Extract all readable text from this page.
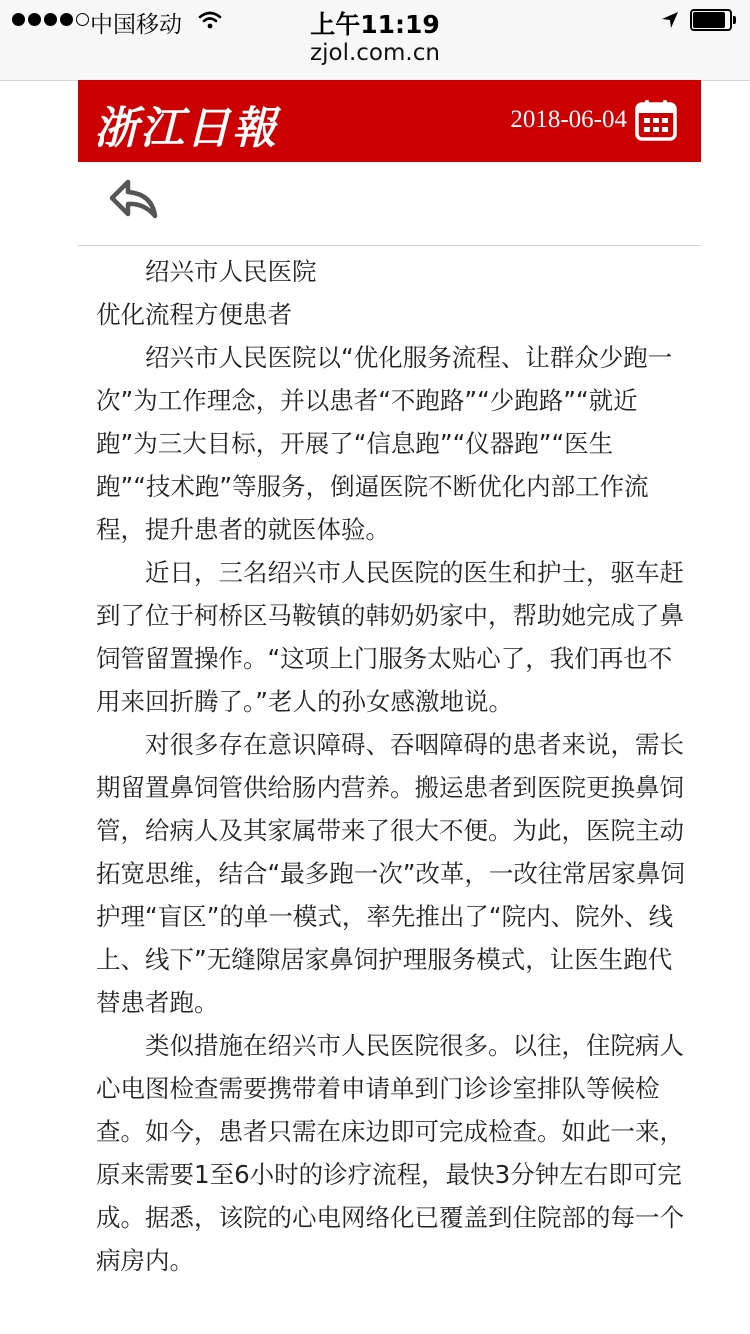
中国移动	上午11:19
zjol.com.cn
浙江日報	2018-06-04

绍兴市人民医院

优化流程方便患者

绍兴市人民医院以“优化服务流程、让群众少跑一次”为工作理念，并以患者“不跑路”“少跑路”“就近跑”为三大目标，开展了“信息跑”“仪器跑”“医生跑”“技术跑”等服务，倒逼医院不断优化内部工作流程，提升患者的就医体验。

近日，三名绍兴市人民医院的医生和护士，驱车赶到了位于柯桥区马鞍镇的韩奶奶家中，帮助她完成了鼻饲管留置操作。“这项上门服务太贴心了，我们再也不用来回折腾了。”老人的孙女感激地说。

对很多存在意识障碍、吞咽障碍的患者来说，需长期留置鼻饲管供给肠内营养。搬运患者到医院更换鼻饲管，给病人及其家属带来了很大不便。为此，医院主动拓宽思维，结合“最多跑一次”改革，一改往常居家鼻饲护理“盲区”的单一模式，率先推出了“院内、院外、线上、线下”无缝隙居家鼻饲护理服务模式，让医生跑代替患者跑。

类似措施在绍兴市人民医院很多。以往，住院病人心电图检查需要携带着申请单到门诊诊室排队等候检查。如今，患者只需在床边即可完成检查。如此一来，原来需要1至6小时的诊疗流程，最快3分钟左右即可完成。据悉，该院的心电网络化已覆盖到住院部的每一个病房内。
